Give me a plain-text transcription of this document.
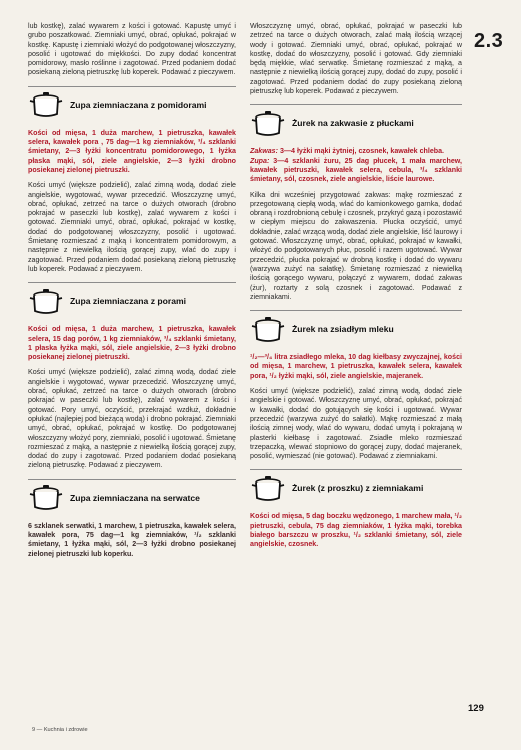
2.3

lub kostkę), zalać wywarem z kości i gotować. Kapustę umyć i grubo poszatkować. Ziemniaki umyć, obrać, opłukać, pokrajać w kostkę. Kapustę i ziemniaki włożyć do podgotowanej włoszczyzny, posolić i ugotować do miękkości. Do zupy dodać koncentrat pomidorowy, masło roślinne i zagotować. Przed podaniem dodać posiekaną zieloną pietruszkę lub koperek. Podawać z pieczywem.

Zupa ziemniaczana z pomidorami

Kości od mięsa, 1 duża marchew, 1 pietruszka, kawałek selera, kawałek pora , 75 dag—1 kg ziemniaków, ³/₄ szklanki śmietany, 2—3 łyżki koncentratu pomidorowego, 1 łyżka płaska mąki, sól, ziele angielskie, 2—3 łyżki drobno posiekanej zielonej pietruszki.

Kości umyć (większe podzielić), zalać zimną wodą, dodać ziele angielskie, wygotować, wywar przecedzić. Włoszczyznę umyć, obrać, opłukać, zetrzeć na tarce o dużych otworach (drobno pokrajać w paseczki lub kostkę), zalać wywarem z kości i gotować. Ziemniaki umyć, obrać, opłukać, pokrajać w kostkę, dodać do podgotowanej włoszczyzny, posolić i ugotować. Śmietanę rozmieszać z mąką i koncentratem pomidorowym, a następnie z niewielką ilością gorącej zupy, wlać do zupy i zagotować. Przed podaniem dodać posiekaną zieloną pietruszkę lub koperek. Podawać z pieczywem.

Zupa ziemniaczana z porami

Kości od mięsa, 1 duża marchew, 1 pietruszka, kawałek selera, 15 dag porów, 1 kg ziemniaków, ³/₄ szklanki śmietany, 1 płaska łyżka mąki, sól, ziele angielskie, 2—3 łyżki drobno posiekanej zielonej pietruszki.

Kości umyć (większe podzielić), zalać zimną wodą, dodać ziele angielskie i wygotować, wywar przecedzić. Włoszczyznę umyć, obrać, opłukać, zetrzeć na tarce o dużych otworach (drobno pokrajać w paseczki lub kostkę), zalać wywarem z kości i gotować. Pory umyć, oczyścić, przekrajać wzdłuż, dokładnie opłukać (najlepiej pod bieżącą wodą) i drobno pokrajać. Ziemniaki umyć, obrać, opłukać, pokrajać w kostkę. Do podgotowanej włoszczyzny włożyć pory, ziemniaki, posolić i ugotować. Śmietanę rozmieszać z mąką, a następnie z niewielką ilością gorącej zupy, dodać do zupy i zagotować. Przed podaniem dodać posiekaną zieloną pietruszkę. Podawać z pieczywem.

Zupa ziemniaczana na serwatce

6 szklanek serwatki, 1 marchew, 1 pietruszka, kawałek selera, kawałek pora, 75 dag—1 kg ziemniaków, ¹/₂ szklanki śmietany, 1 łyżka mąki, sól, 2—3 łyżki drobno posiekanej zielonej pietruszki lub koperku.

Włoszczyznę umyć, obrać, opłukać, pokrajać w paseczki lub zetrzeć na tarce o dużych otworach, zalać małą ilością wrzącej wody i gotować. Ziemniaki umyć, obrać, opłukać, pokrajać w kostkę, dodać do włoszczyzny, posolić i gotować. Gdy ziemniaki będą miękkie, wlać serwatkę. Śmietanę rozmieszać z mąką, a następnie z niewielką ilością gorącej zupy, dodać do zupy, posolić i zagotować. Przed podaniem dodać do zupy posiekaną zieloną pietruszkę lub koperek. Podawać z pieczywem.

Żurek na zakwasie z płuckami

Zakwas: 3—4 łyżki mąki żytniej, czosnek, kawałek chleba.
Zupa: 3—4 szklanki żuru, 25 dag płucek, 1 mała marchew, kawałek pietruszki, kawałek selera, cebula, ³/₄ szklanki śmietany, sól, czosnek, ziele angielskie, liście laurowe.

Kilka dni wcześniej przygotować zakwas: mąkę rozmieszać z przegotowaną ciepłą wodą, wlać do kamionkowego garnka, dodać obraną i rozdrobnioną cebulę i czosnek, przykryć gazą i pozostawić w ciepłym miejscu do zakwaszenia. Płucka oczyścić, umyć dokładnie, zalać wrzącą wodą, dodać ziele angielskie, liść laurowy i gotować. Włoszczyznę umyć, obrać, opłukać, pokrajać w kawałki, włożyć do podgotowanych płuc, posolić i razem ugotować. Wywar przecedzić, płucka pokrajać w drobną kostkę i dodać do wywaru (warzywa zużyć na sałatkę). Śmietanę rozmieszać z niewielką ilością gorącego wywaru, połączyć z wywarem, dodać zakwas (żur), roztarty z solą czosnek i zagotować. Podawać z ziemniakami.

Żurek na zsiadłym mleku

¹/₂—³/₄ litra zsiadłego mleka, 10 dag kiełbasy zwyczajnej, kości od mięsa, 1 marchew, 1 pietruszka, kawałek selera, kawałek pora, ¹/₂ łyżki mąki, sól, ziele angielskie, majeranek.

Kości umyć (większe podzielić), zalać zimną wodą, dodać ziele angielskie i gotować. Włoszczyznę umyć, obrać, opłukać, pokrajać w kawałki, dodać do gotujących się kości i ugotować. Wywar przecedzić (warzywa zużyć do sałatki). Mąkę rozmieszać z małą ilością zimnej wody, wlać do wywaru, dodać umytą i pokrajaną w plasterki kiełbasę i zagotować. Zsiadłe mleko rozmieszać trzepaczką, wlewać stopniowo do gorącej zupy, dodać majeranek, posolić, wymieszać (nie gotować). Podawać z ziemniakami.

Żurek (z proszku) z ziemniakami

Kości od mięsa, 5 dag boczku wędzonego, 1 marchew mała, ¹/₂ pietruszki, cebula, 75 dag ziemniaków, 1 łyżka mąki, torebka białego barszczu w proszku, ¹/₂ szklanki śmietany, sól, ziele angielskie, czosnek.

129
9 — Kuchnia i zdrowie
